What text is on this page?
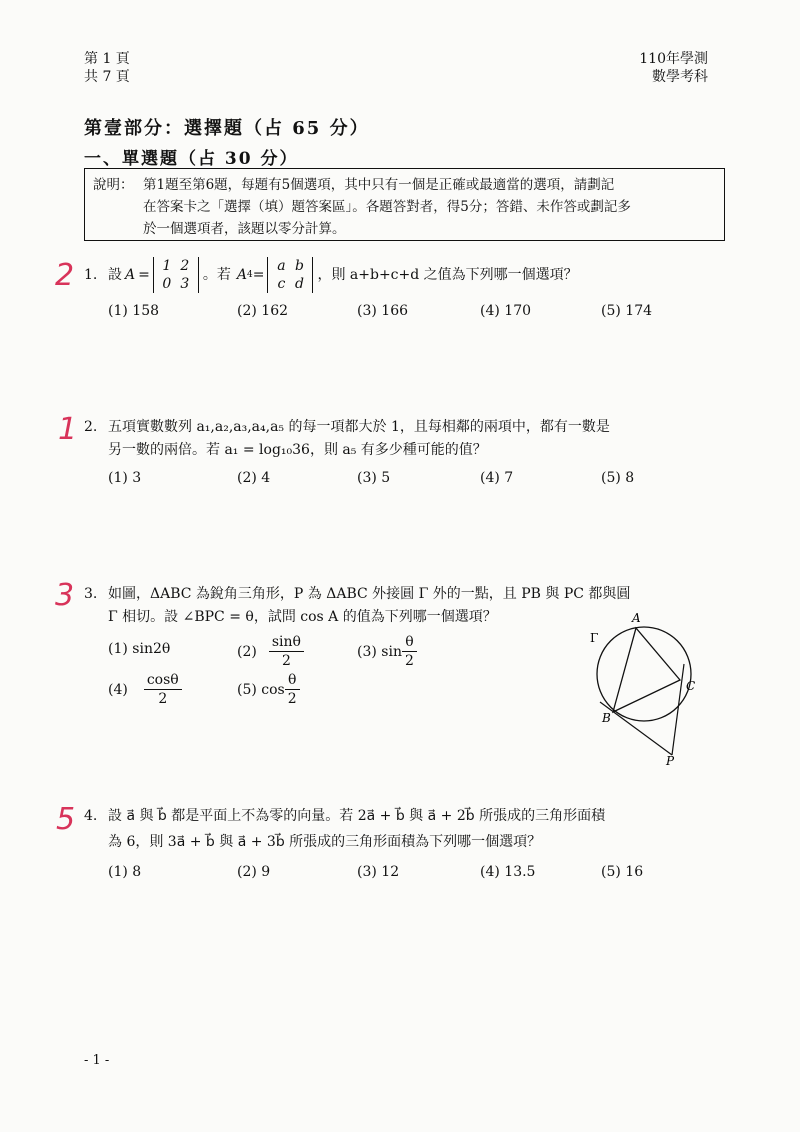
第 1 頁
共 7 頁
110年學測
數學考科
第壹部分：選擇題（占 65 分）
一、單選題（占 30 分）
說明： 第1題至第6題，每題有5個選項，其中只有一個是正確或最適當的選項，請劃記
在答案卡之「選擇（填）題答案區」。各題答對者，得5分；答錯、未作答或劃記多
於一個選項者，該題以零分計算。
2
1
3
5
1. 設 A =
1 2
0 3
。若 A 4 =
a b
c d
，則 a+b+c+d 之值為下列哪一個選項？
(1) 158	(2) 162	(3) 166	(4) 170	(5) 174
2. 五項實數數列 a₁,a₂,a₃,a₄,a₅ 的每一項都大於 1，且每相鄰的兩項中，都有一數是
另一數的兩倍。若 a₁ = log₁₀36，則 a₅ 有多少種可能的值？
(1) 3	(2) 4	(3) 5	(4) 7	(5) 8
3. 如圖，ΔABC 為銳角三角形，P 為 ΔABC 外接圓 Γ 外的一點，且 PB 與 PC 都與圓
Γ 相切。設 ∠BPC = θ，試問 cos A 的值為下列哪一個選項？
(1) sin2θ	$(2) \frac{\sin\theta}{2}$	(3) $\sin \frac{\theta}{2}$
$(4) \frac{\cos\theta}{2}$	(5) $\cos \frac{\theta}{2}$
A
Γ
C
B
P
4. 設 a⃗ 與 b⃗ 都是平面上不為零的向量。若 2a⃗ + b⃗ 與 a⃗ + 2b⃗ 所張成的三角形面積
為 6，則 3a⃗ + b⃗ 與 a⃗ + 3b⃗ 所張成的三角形面積為下列哪一個選項？
(1) 8	(2) 9	(3) 12	(4) 13.5	(5) 16
- 1 -
